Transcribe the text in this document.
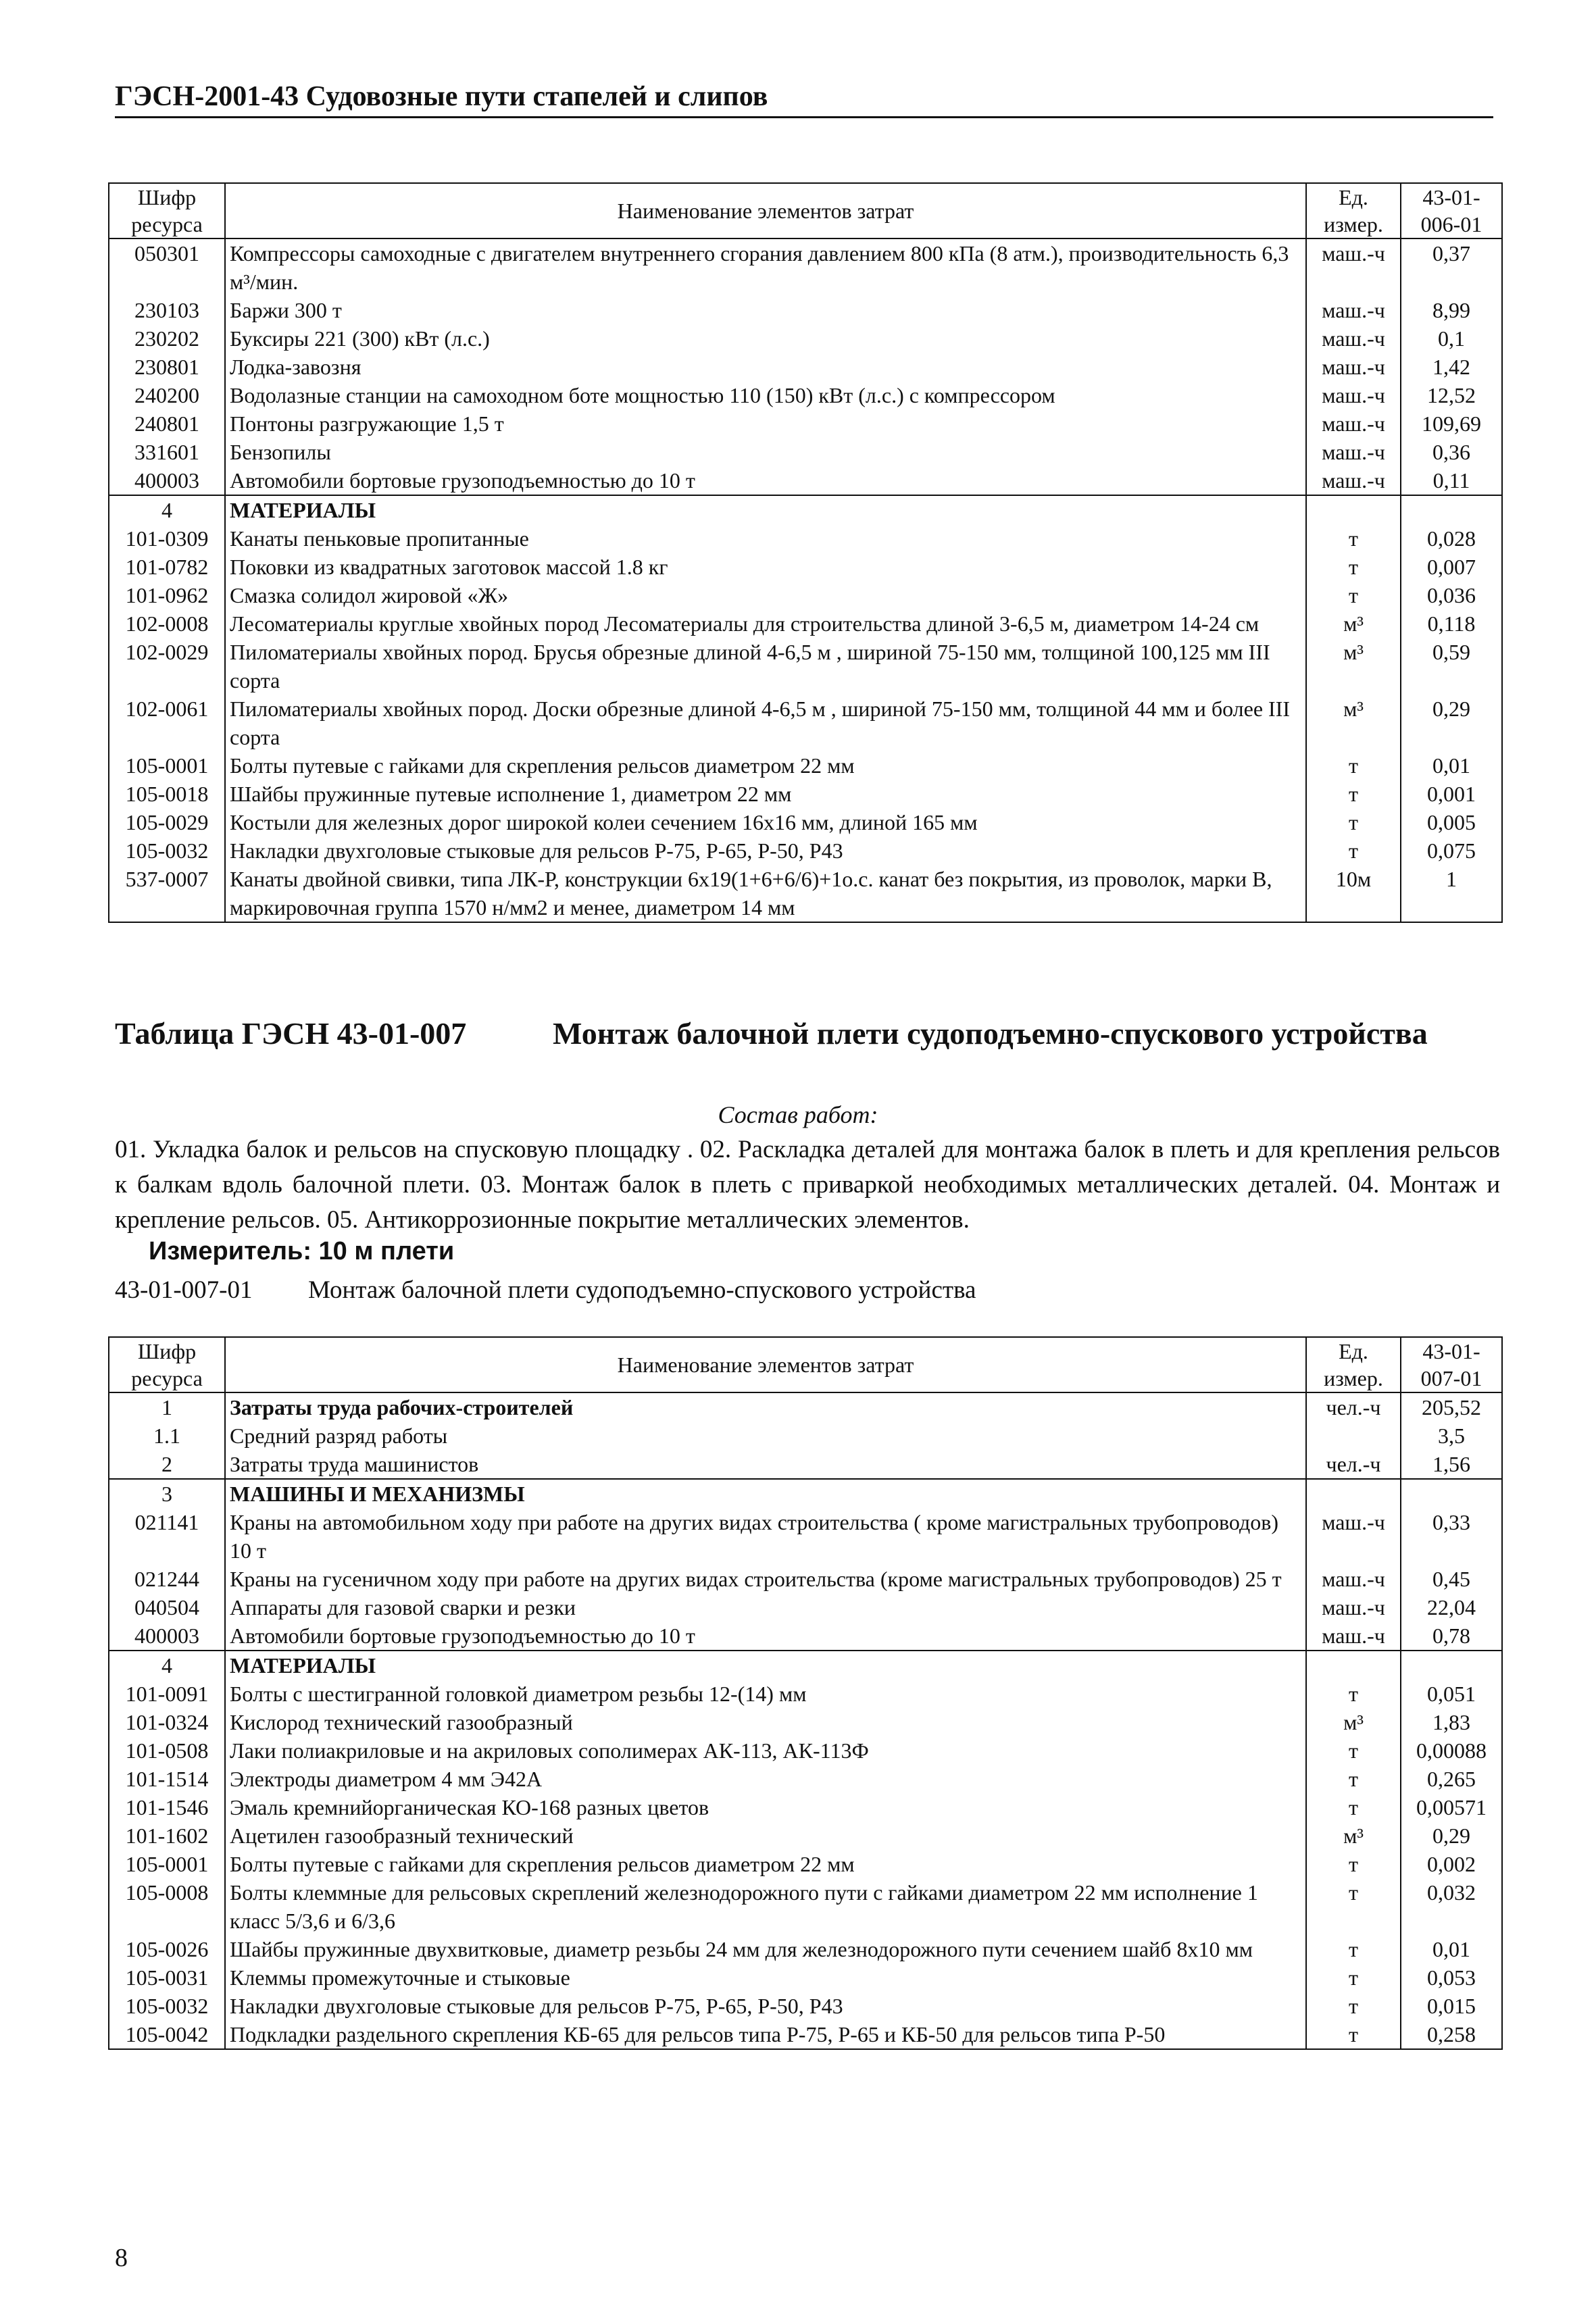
ГЭСН-2001-43 Судовозные пути стапелей и слипов
Шифр ресурса	Наименование элементов затрат	Ед. измер.	43-01-006-01
050301	Компрессоры самоходные с двигателем внутреннего сгорания давлением 800 кПа (8 атм.), производительность 6,3 м³/мин.	маш.-ч	0,37
230103	Баржи 300 т	маш.-ч	8,99
230202	Буксиры 221 (300) кВт (л.с.)	маш.-ч	0,1
230801	Лодка-завозня	маш.-ч	1,42
240200	Водолазные станции на самоходном боте мощностью 110 (150) кВт (л.с.) с компрессором	маш.-ч	12,52
240801	Понтоны разгружающие 1,5 т	маш.-ч	109,69
331601	Бензопилы	маш.-ч	0,36
400003	Автомобили бортовые грузоподъемностью до 10 т	маш.-ч	0,11
4	МАТЕРИАЛЫ		
101-0309	Канаты пеньковые пропитанные	т	0,028
101-0782	Поковки из квадратных заготовок массой 1.8 кг	т	0,007
101-0962	Смазка солидол жировой «Ж»	т	0,036
102-0008	Лесоматериалы круглые хвойных пород Лесоматериалы для строительства длиной 3-6,5 м, диаметром 14-24 см	м³	0,118
102-0029	Пиломатериалы хвойных пород. Брусья обрезные длиной 4-6,5 м , шириной 75-150 мм, толщиной 100,125 мм III сорта	м³	0,59
102-0061	Пиломатериалы хвойных пород. Доски обрезные длиной 4-6,5 м , шириной 75-150 мм, толщиной 44 мм и более III сорта	м³	0,29
105-0001	Болты путевые с гайками для скрепления рельсов диаметром 22 мм	т	0,01
105-0018	Шайбы пружинные путевые исполнение 1, диаметром 22 мм	т	0,001
105-0029	Костыли для железных дорог широкой колеи сечением 16х16 мм, длиной 165 мм	т	0,005
105-0032	Накладки двухголовые стыковые для рельсов Р-75, Р-65, Р-50, Р43	т	0,075
537-0007	Канаты двойной свивки, типа ЛК-Р, конструкции 6х19(1+6+6/6)+1о.с. канат без покрытия, из проволок, марки В, маркировочная группа 1570 н/мм2 и менее, диаметром 14 мм	10м	1
Таблица ГЭСН 43-01-007	Монтаж балочной плети судоподъемно-спускового устройства
Состав работ:
01. Укладка балок и рельсов на спусковую площадку . 02. Раскладка деталей для монтажа балок в плеть и для крепления рельсов к балкам вдоль балочной плети. 03. Монтаж балок в плеть с приваркой необходимых металлических деталей. 04. Монтаж и крепление рельсов. 05. Антикоррозионные покрытие металлических элементов.
Измеритель: 10 м плети
43-01-007-01 Монтаж балочной плети судоподъемно-спускового устройства
Шифр ресурса	Наименование элементов затрат	Ед. измер.	43-01-007-01
1	Затраты труда рабочих-строителей	чел.-ч	205,52
1.1	Средний разряд работы		3,5
2	Затраты труда машинистов	чел.-ч	1,56
3	МАШИНЫ И МЕХАНИЗМЫ		
021141	Краны на автомобильном ходу при работе на других видах строительства ( кроме магистральных трубопроводов) 10 т	маш.-ч	0,33
021244	Краны на гусеничном ходу при работе на других видах строительства (кроме магистральных трубопроводов) 25 т	маш.-ч	0,45
040504	Аппараты для газовой сварки и резки	маш.-ч	22,04
400003	Автомобили бортовые грузоподъемностью до 10 т	маш.-ч	0,78
4	МАТЕРИАЛЫ		
101-0091	Болты с шестигранной головкой диаметром резьбы 12-(14) мм	т	0,051
101-0324	Кислород технический газообразный	м³	1,83
101-0508	Лаки полиакриловые и на акриловых сополимерах АК-113, АК-113Ф	т	0,00088
101-1514	Электроды диаметром 4 мм Э42А	т	0,265
101-1546	Эмаль кремнийорганическая КО-168 разных цветов	т	0,00571
101-1602	Ацетилен газообразный технический	м³	0,29
105-0001	Болты путевые с гайками для скрепления рельсов диаметром 22 мм	т	0,002
105-0008	Болты клеммные для рельсовых скреплений железнодорожного пути с гайками диаметром 22 мм исполнение 1 класс 5/3,6 и 6/3,6	т	0,032
105-0026	Шайбы пружинные двухвитковые, диаметр резьбы 24 мм для железнодорожного пути сечением шайб 8х10 мм	т	0,01
105-0031	Клеммы промежуточные и стыковые	т	0,053
105-0032	Накладки двухголовые стыковые для рельсов Р-75, Р-65, Р-50, Р43	т	0,015
105-0042	Подкладки раздельного скрепления КБ-65 для рельсов типа Р-75, Р-65 и КБ-50 для рельсов типа Р-50	т	0,258
8
